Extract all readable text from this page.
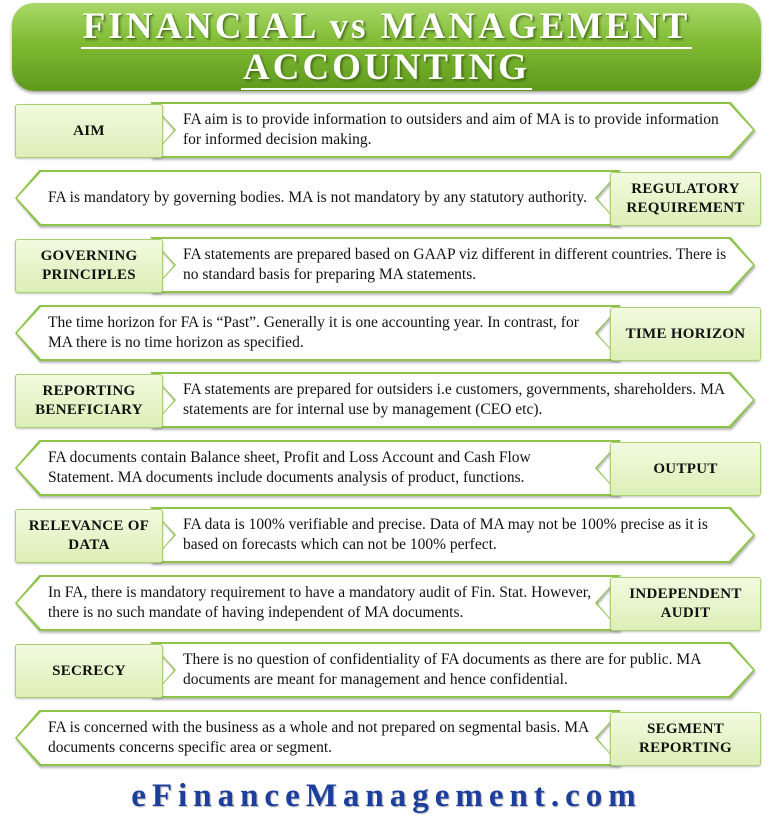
FINANCIAL vs MANAGEMENT
ACCOUNTING
FA aim is to provide information to outsiders and aim of MA is to provide information for informed decision making.
AIM
FA is mandatory by governing bodies. MA is not mandatory by any statutory authority.	REGULATORY REQUIREMENT
FA statements are prepared based on GAAP viz different in different countries. There is no standard basis for preparing MA statements.
GOVERNING PRINCIPLES
The time horizon for FA is “Past”. Generally it is one accounting year. In contrast, for MA there is no time horizon as specified.
TIME HORIZON
FA statements are prepared for outsiders i.e customers, governments, shareholders. MA statements are for internal use by management (CEO etc).
REPORTING BENEFICIARY
FA documents contain Balance sheet, Profit and Loss Account and Cash Flow Statement. MA documents include documents analysis of product, functions.
OUTPUT
FA data is 100% verifiable and precise. Data of MA may not be 100% precise as it is based on forecasts which can not be 100% perfect.
RELEVANCE OF DATA
In FA, there is mandatory requirement to have a mandatory audit of Fin. Stat. However, there is no such mandate of having independent of MA documents.
INDEPENDENT AUDIT
There is no question of confidentiality of FA documents as there are for public. MA documents are meant for management and hence confidential.
SECRECY
FA is concerned with the business as a whole and not prepared on segmental basis. MA documents concerns specific area or segment.
SEGMENT REPORTING
eFinanceManagement.com
